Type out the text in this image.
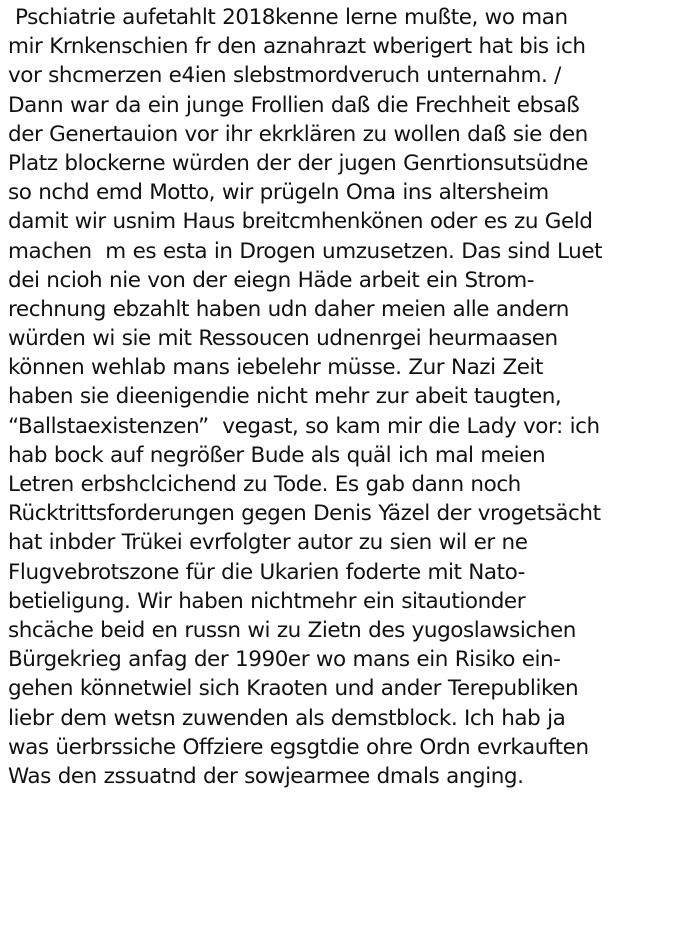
Pschiatrie aufetahlt 2018kenne lerne mußte, wo man
mir Krnkenschien fr den aznahrazt wberigert hat bis ich
vor shcmerzen e4ien slebstmordveruch unternahm. /
Dann war da ein junge Frollien daß die Frechheit ebsaß
der Genertauion vor ihr ekrklären zu wollen daß sie den
Platz blockerne würden der der jugen Genrtionsutsüdne
so nchd emd Motto, wir prügeln Oma ins altersheim
damit wir usnim Haus breitcmhenkönen oder es zu Geld
machen  m es esta in Drogen umzusetzen. Das sind Luet
dei ncioh nie von der eiegn Häde arbeit ein Strom-
rechnung ebzahlt haben udn daher meien alle andern
würden wi sie mit Ressoucen udnenrgei heurmaasen
können wehlab mans iebelehr müsse. Zur Nazi Zeit
haben sie dieenigendie nicht mehr zur abeit taugten,
“Ballstaexistenzen”  vegast, so kam mir die Lady vor: ich
hab bock auf negrößer Bude als quäl ich mal meien
Letren erbshclcichend zu Tode. Es gab dann noch
Rücktrittsforderungen gegen Denis Yäzel der vrogetsächt
hat inbder Trükei evrfolgter autor zu sien wil er ne
Flugvebrotszone für die Ukarien foderte mit Nato-
betieligung. Wir haben nichtmehr ein sitautionder
shcäche beid en russn wi zu Zietn des yugoslawsichen
Bürgekrieg anfag der 1990er wo mans ein Risiko ein-
gehen könnetwiel sich Kraoten und ander Terepubliken
liebr dem wetsn zuwenden als demstblock. Ich hab ja
was üerbrssiche Offziere egsgtdie ohre Ordn evrkauften
Was den zssuatnd der sowjearmee dmals anging.
